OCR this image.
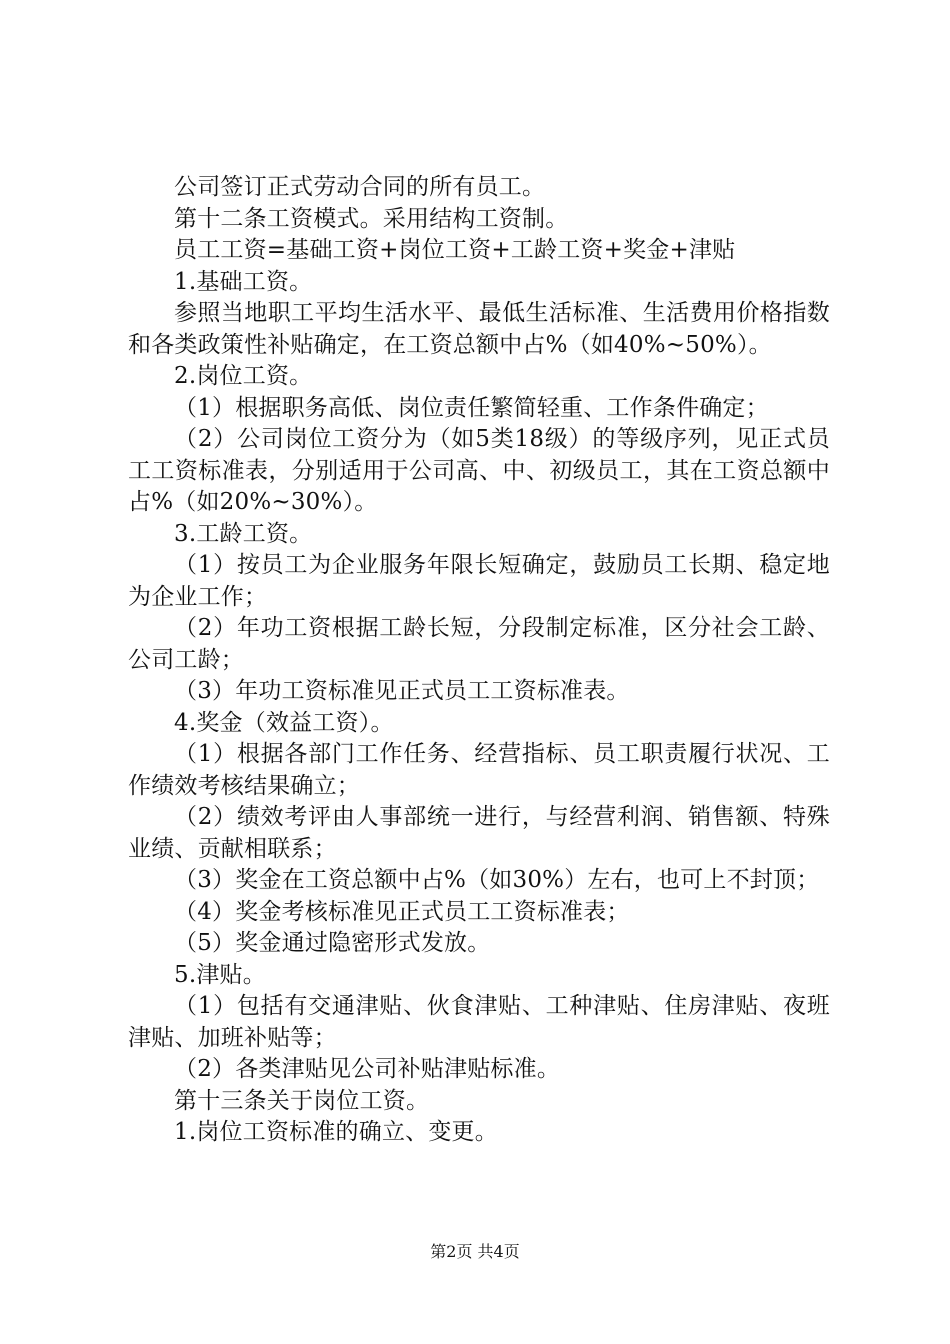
公司签订正式劳动合同的所有员工。

第十二条工资模式。采用结构工资制。

员工工资=基础工资+岗位工资+工龄工资+奖金+津贴

1.基础工资。

参照当地职工平均生活水平、最低生活标准、生活费用价格指数和各类政策性补贴确定，在工资总额中占%（如40%~50%）。

2.岗位工资。

（1）根据职务高低、岗位责任繁简轻重、工作条件确定；

（2）公司岗位工资分为（如5类18级）的等级序列，见正式员工工资标准表，分别适用于公司高、中、初级员工，其在工资总额中占%（如20%~30%）。

3.工龄工资。

（1）按员工为企业服务年限长短确定，鼓励员工长期、稳定地为企业工作；

（2）年功工资根据工龄长短，分段制定标准，区分社会工龄、公司工龄；

（3）年功工资标准见正式员工工资标准表。

4.奖金（效益工资）。

（1）根据各部门工作任务、经营指标、员工职责履行状况、工作绩效考核结果确立；

（2）绩效考评由人事部统一进行，与经营利润、销售额、特殊业绩、贡献相联系；

（3）奖金在工资总额中占%（如30%）左右，也可上不封顶；

（4）奖金考核标准见正式员工工资标准表；

（5）奖金通过隐密形式发放。

5.津贴。

（1）包括有交通津贴、伙食津贴、工种津贴、住房津贴、夜班津贴、加班补贴等；

（2）各类津贴见公司补贴津贴标准。

第十三条关于岗位工资。

1.岗位工资标准的确立、变更。

第2页 共4页
